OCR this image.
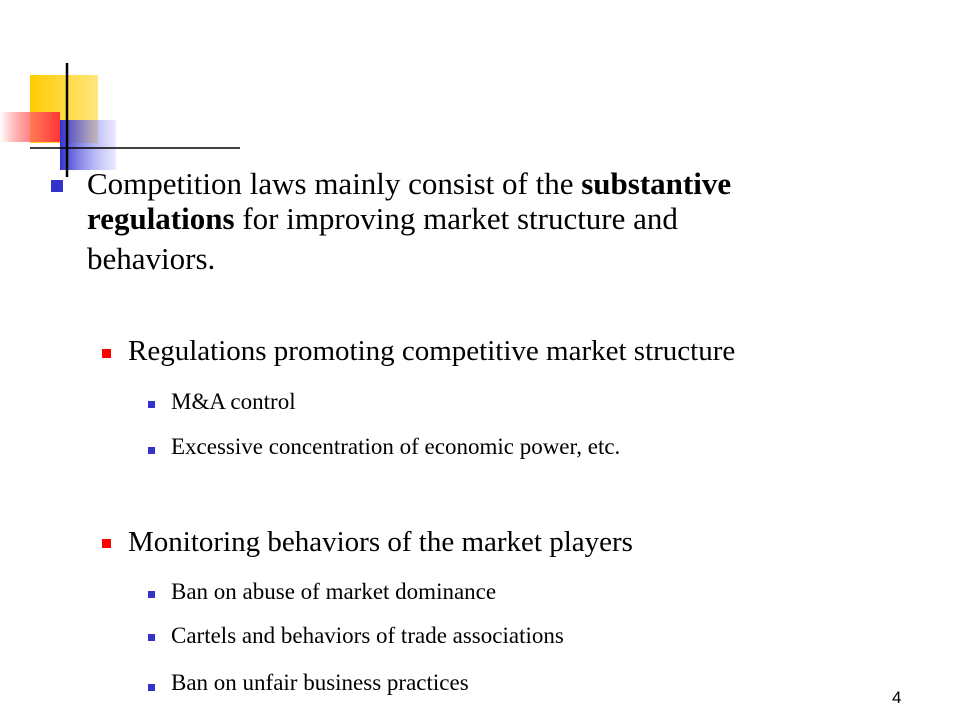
Competition laws mainly consist of the substantive
regulations for improving market structure and
behaviors.
Regulations promoting competitive market structure
M&A control
Excessive concentration of economic power, etc.
Monitoring behaviors of the market players
Ban on abuse of market dominance
Cartels and behaviors of trade associations
Ban on unfair business practices
4
